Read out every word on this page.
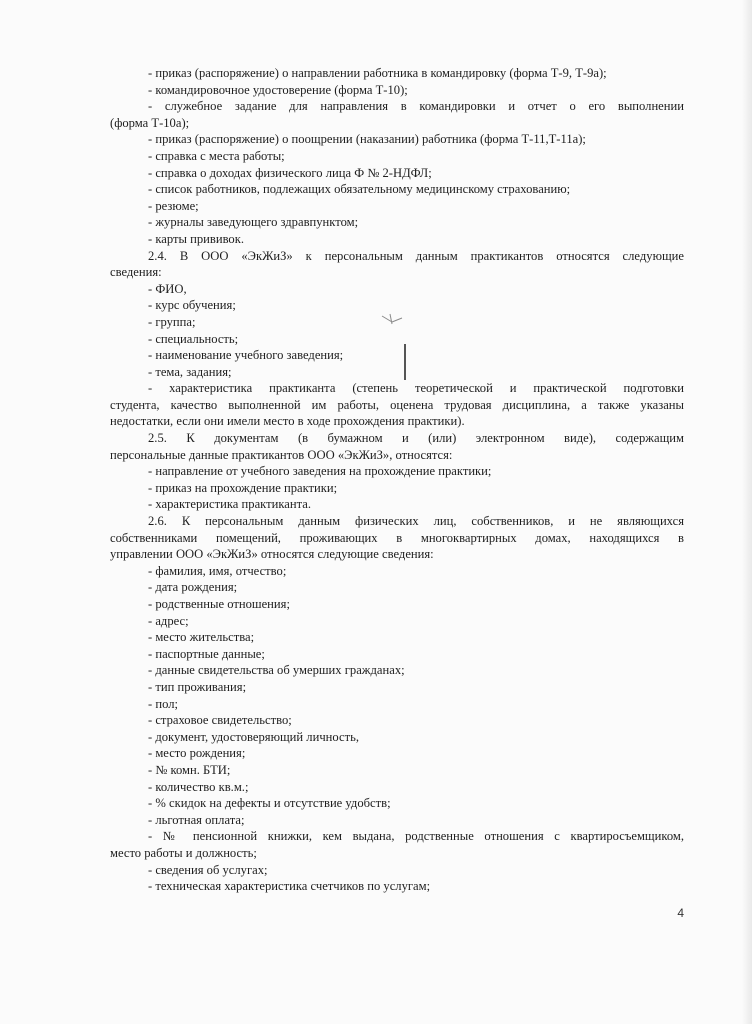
- приказ (распоряжение) о направлении работника в командировку (форма Т-9, Т-9а);
- командировочное удостоверение (форма Т-10);
- служебное задание для направления в командировки и отчет о его выполнении
(форма Т-10а);
- приказ (распоряжение) о поощрении (наказании) работника (форма Т-11,Т-11а);
- справка с места работы;
- справка о доходах физического лица Ф № 2-НДФЛ;
- список работников, подлежащих обязательному медицинскому страхованию;
- резюме;
- журналы заведующего здравпунктом;
- карты прививок.
2.4. В ООО «ЭкЖиЗ» к персональным данным практикантов относятся следующие
сведения:
- ФИО,
- курс обучения;
- группа;
- специальность;
- наименование учебного заведения;
- тема, задания;
- характеристика практиканта (степень теоретической и практической подготовки
студента, качество выполненной им работы, оценена трудовая дисциплина, а также указаны
недостатки, если они имели место в ходе прохождения практики).
2.5. К документам (в бумажном и (или) электронном виде), содержащим
персональные данные практикантов ООО «ЭкЖиЗ», относятся:
- направление от учебного заведения на прохождение практики;
- приказ на прохождение практики;
- характеристика практиканта.
2.6. К персональным данным физических лиц, собственников, и не являющихся
собственниками помещений, проживающих в многоквартирных домах, находящихся в
управлении ООО «ЭкЖиЗ» относятся следующие сведения:
- фамилия, имя, отчество;
- дата рождения;
- родственные отношения;
- адрес;
- место жительства;
- паспортные данные;
- данные свидетельства об умерших гражданах;
- тип проживания;
- пол;
- страховое свидетельство;
- документ, удостоверяющий личность,
- место рождения;
- № комн. БТИ;
- количество кв.м.;
- % скидок на дефекты и отсутствие удобств;
- льготная оплата;
- № пенсионной книжки, кем выдана, родственные отношения с квартиросъемщиком,
место работы и должность;
- сведения об услугах;
- техническая характеристика счетчиков по услугам;
4
